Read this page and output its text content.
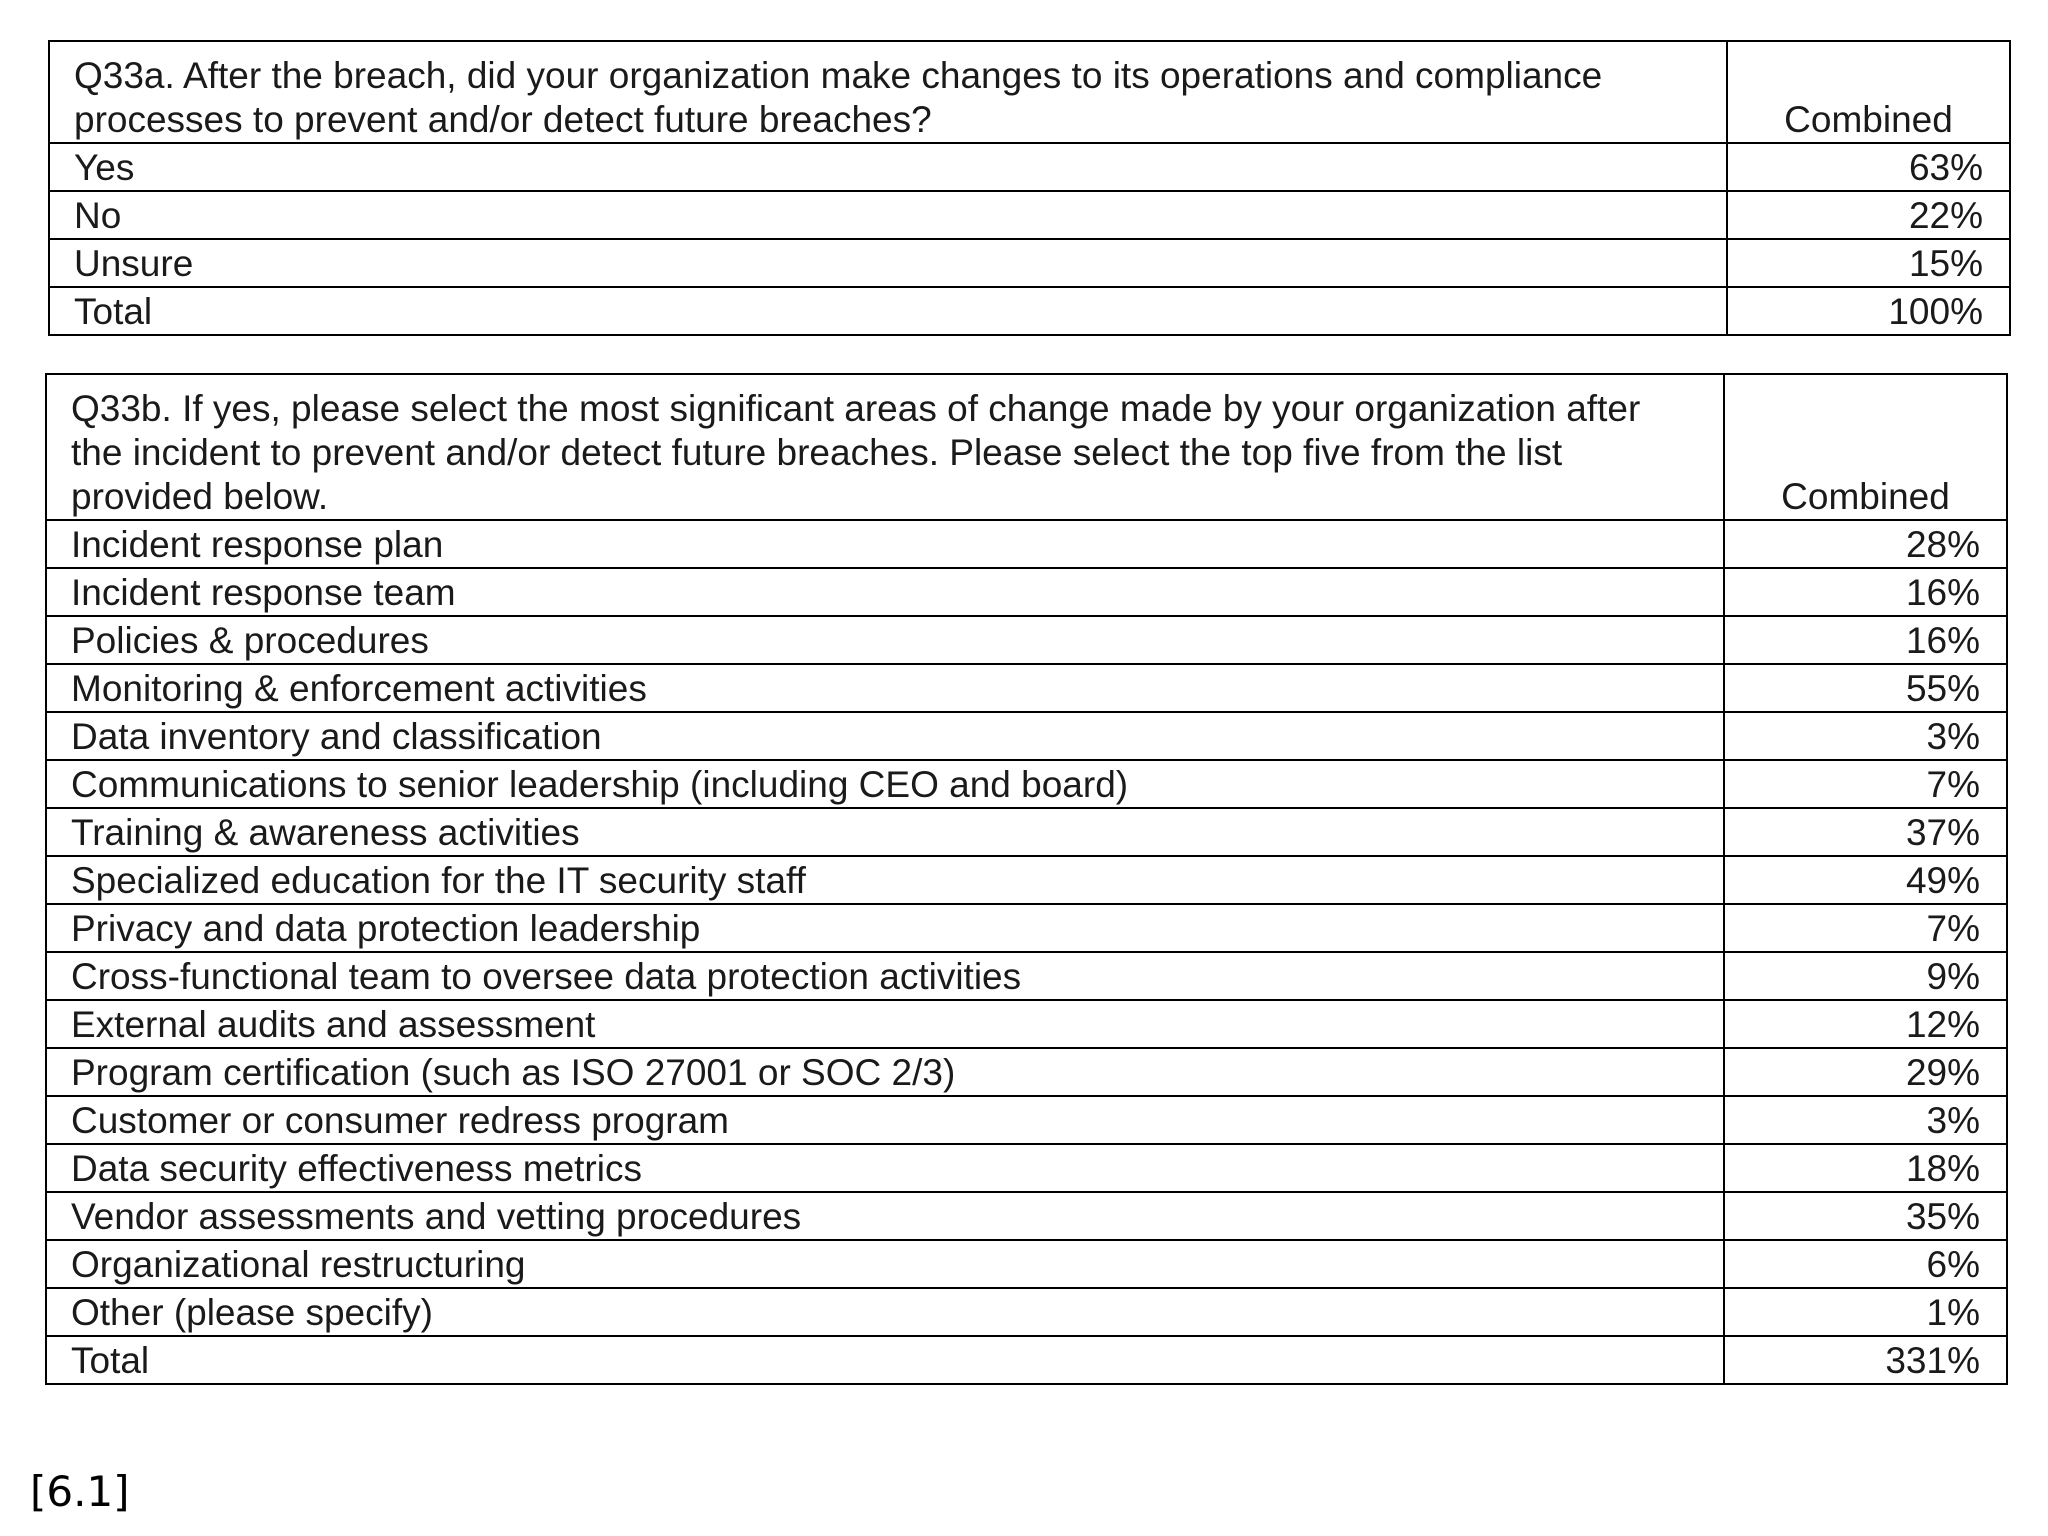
Q33a. After the breach, did your organization make changes to its operations and compliance processes to prevent and/or detect future breaches?	Combined
Yes	63%
No	22%
Unsure	15%
Total	100%
Q33b. If yes, please select the most significant areas of change made by your organization after the incident to prevent and/or detect future breaches. Please select the top five from the list provided below.	Combined
Incident response plan	28%
Incident response team	16%
Policies & procedures	16%
Monitoring & enforcement activities	55%
Data inventory and classification	3%
Communications to senior leadership (including CEO and board)	7%
Training & awareness activities	37%
Specialized education for the IT security staff	49%
Privacy and data protection leadership	7%
Cross-functional team to oversee data protection activities	9%
External audits and assessment	12%
Program certification (such as ISO 27001 or SOC 2/3)	29%
Customer or consumer redress program	3%
Data security effectiveness metrics	18%
Vendor assessments and vetting procedures	35%
Organizational restructuring	6%
Other (please specify)	1%
Total	331%
[6.1]
